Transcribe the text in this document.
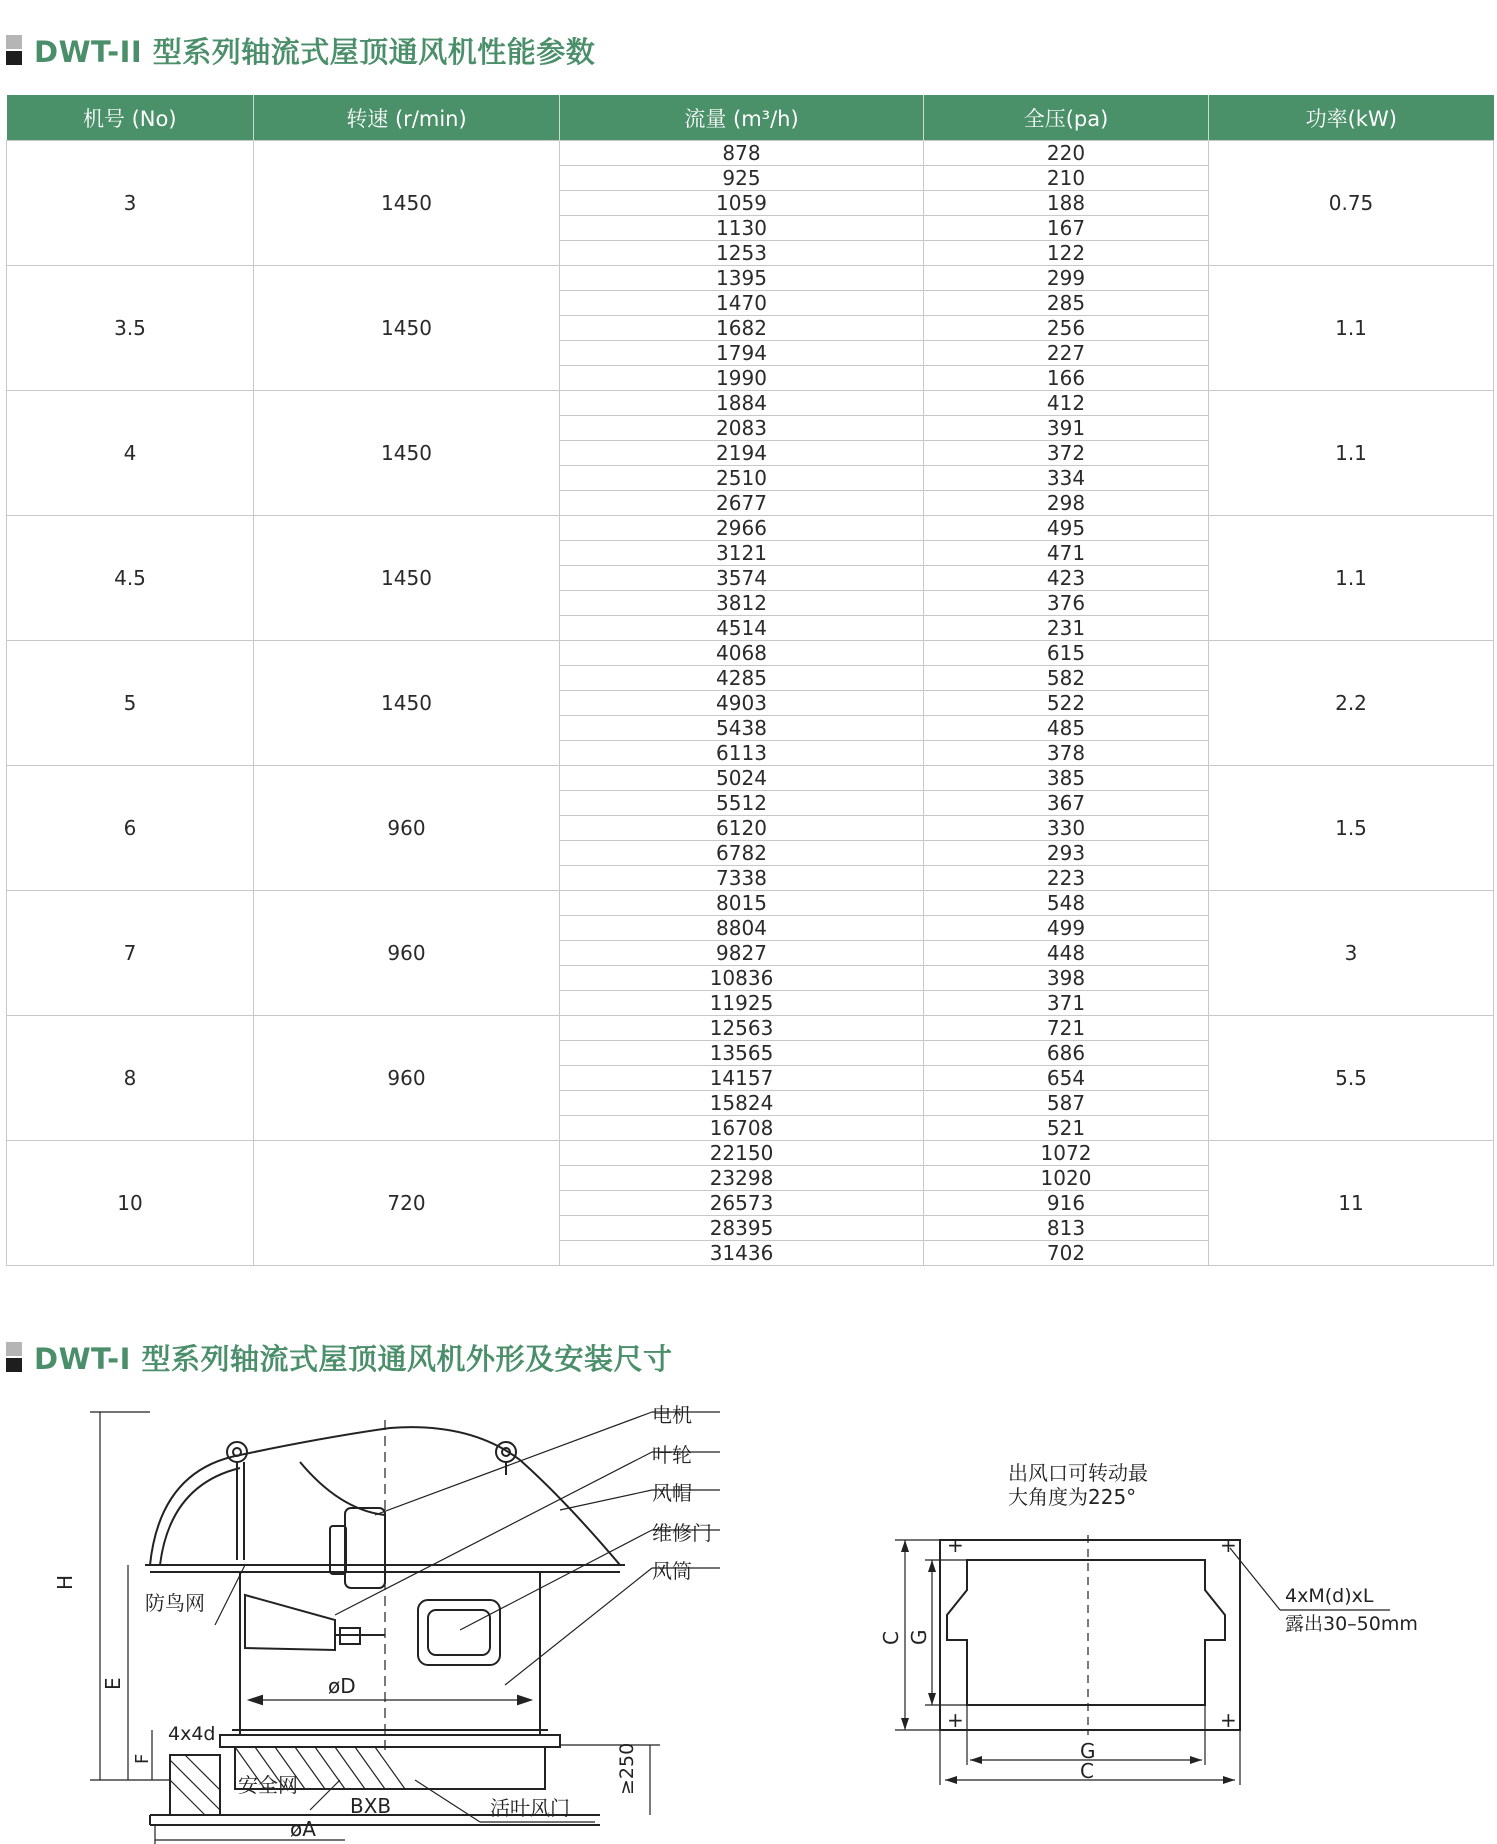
DWT-II 型系列轴流式屋顶通风机性能参数
机号 (No)	转速 (r/min)	流量 (m³/h)	全压(pa)	功率(kW)
3	1450	878	220	0.75
		925	210	
		1059	188	
		1130	167	
		1253	122	
3.5	1450	1395	299	1.1
		1470	285	
		1682	256	
		1794	227	
		1990	166	
4	1450	1884	412	1.1
		2083	391	
		2194	372	
		2510	334	
		2677	298	
4.5	1450	2966	495	1.1
		3121	471	
		3574	423	
		3812	376	
		4514	231	
5	1450	4068	615	2.2
		4285	582	
		4903	522	
		5438	485	
		6113	378	
6	960	5024	385	1.5
		5512	367	
		6120	330	
		6782	293	
		7338	223	
7	960	8015	548	3
		8804	499	
		9827	448	
		10836	398	
		11925	371	
8	960	12563	721	5.5
		13565	686	
		14157	654	
		15824	587	
		16708	521	
10	720	22150	1072	11
		23298	1020	
		26573	916	
		28395	813	
		31436	702	
DWT-I 型系列轴流式屋顶通风机外形及安装尺寸
电机
叶轮
风帽
维修门
风筒
防鸟网
安全网
活叶风门
H
E
F
4x4d
øD
≥250
BXB
øA
+	+
+	+
出风口可转动最
大角度为225°
4xM(d)xL
露出30–50mm
C G
G
C
